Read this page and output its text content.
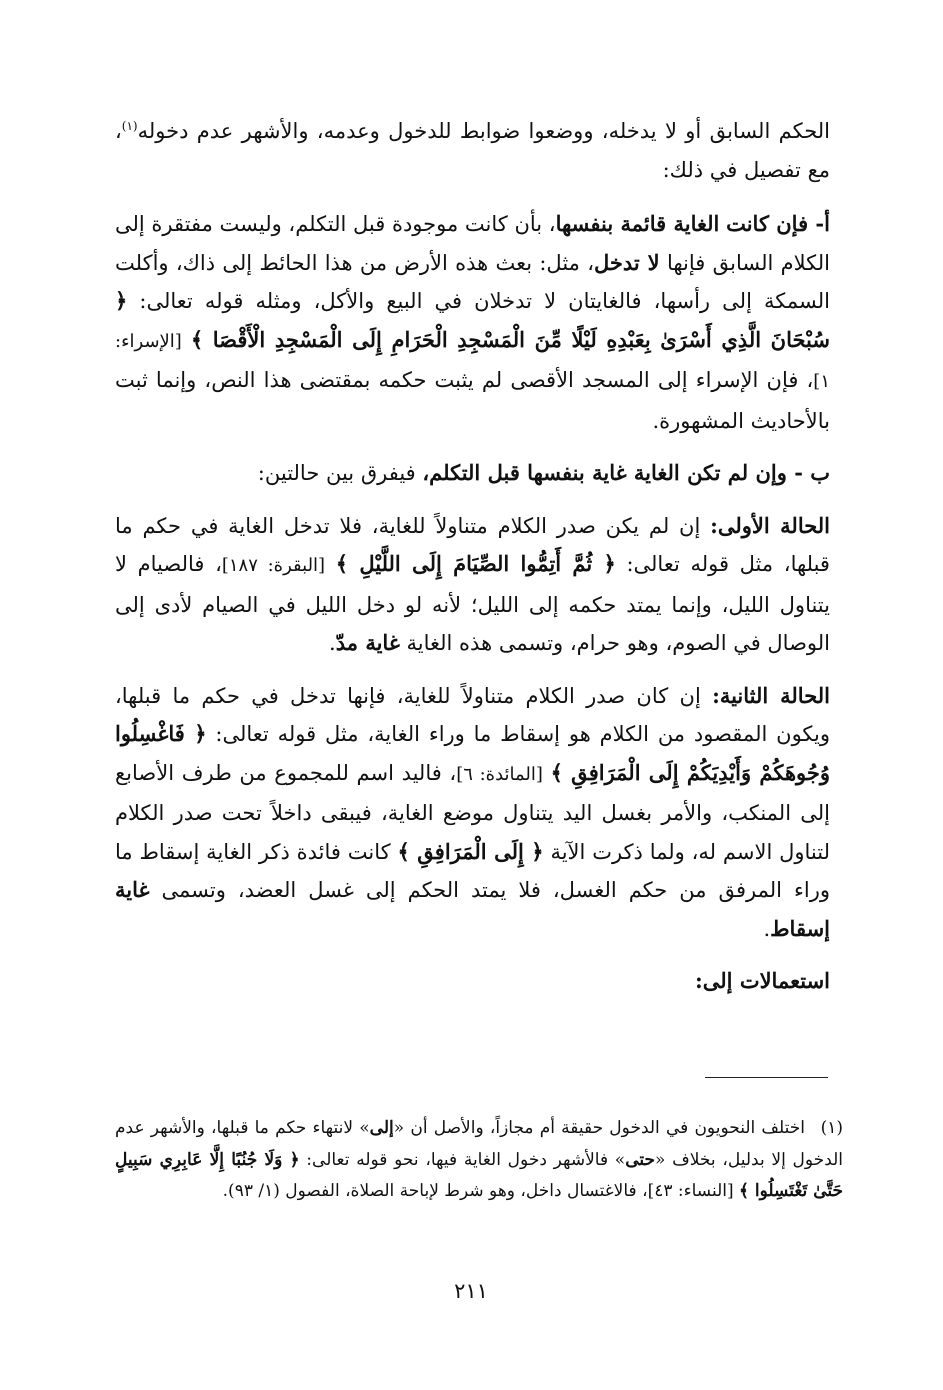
الحكم السابق أو لا يدخله، ووضعوا ضوابط للدخول وعدمه، والأشهر عدم دخوله$^{(١)}$، مع تفصيل في ذلك:

أ- فإن كانت الغاية قائمة بنفسها، بأن كانت موجودة قبل التكلم، وليست مفتقرة إلى الكلام السابق فإنها لا تدخل، مثل: بعث هذه الأرض من هذا الحائط إلى ذاك، وأكلت السمكة إلى رأسها، فالغايتان لا تدخلان في البيع والأكل، ومثله قوله تعالى: ﴿ سُبْحَانَ الَّذِي أَسْرَىٰ بِعَبْدِهِ لَيْلًا مِّنَ الْمَسْجِدِ الْحَرَامِ إِلَى الْمَسْجِدِ الْأَقْصَا ﴾ [الإسراء: ١]، فإن الإسراء إلى المسجد الأقصى لم يثبت حكمه بمقتضى هذا النص، وإنما ثبت بالأحاديث المشهورة.

ب - وإن لم تكن الغاية غاية بنفسها قبل التكلم، فيفرق بين حالتين:

الحالة الأولى: إن لم يكن صدر الكلام متناولاً للغاية، فلا تدخل الغاية في حكم ما قبلها، مثل قوله تعالى: ﴿ ثُمَّ أَتِمُّوا الصِّيَامَ إِلَى اللَّيْلِ ﴾ [البقرة: ١٨٧]، فالصيام لا يتناول الليل، وإنما يمتد حكمه إلى الليل؛ لأنه لو دخل الليل في الصيام لأدى إلى الوصال في الصوم، وهو حرام، وتسمى هذه الغاية غاية مدّ.

الحالة الثانية: إن كان صدر الكلام متناولاً للغاية، فإنها تدخل في حكم ما قبلها، ويكون المقصود من الكلام هو إسقاط ما وراء الغاية، مثل قوله تعالى: ﴿ فَاغْسِلُوا وُجُوهَكُمْ وَأَيْدِيَكُمْ إِلَى الْمَرَافِقِ ﴾ [المائدة: ٦]، فاليد اسم للمجموع من طرف الأصابع إلى المنكب، والأمر بغسل اليد يتناول موضع الغاية، فيبقى داخلاً تحت صدر الكلام لتناول الاسم له، ولما ذكرت الآية ﴿ إِلَى الْمَرَافِقِ ﴾ كانت فائدة ذكر الغاية إسقاط ما وراء المرفق من حكم الغسل، فلا يمتد الحكم إلى غسل العضد، وتسمى غاية إسقاط.

استعمالات إلى:

(١)اختلف النحويون في الدخول حقيقة أم مجازاً، والأصل أن «إلى» لانتهاء حكم ما قبلها، والأشهر عدم الدخول إلا بدليل، بخلاف «حتى» فالأشهر دخول الغاية فيها، نحو قوله تعالى: ﴿ وَلَا جُنُبًا إِلَّا عَابِرِي سَبِيلٍ حَتَّىٰ تَغْتَسِلُوا ﴾ [النساء: ٤٣]، فالاغتسال داخل، وهو شرط لإباحة الصلاة، الفصول (١/ ٩٣).
٢١١
